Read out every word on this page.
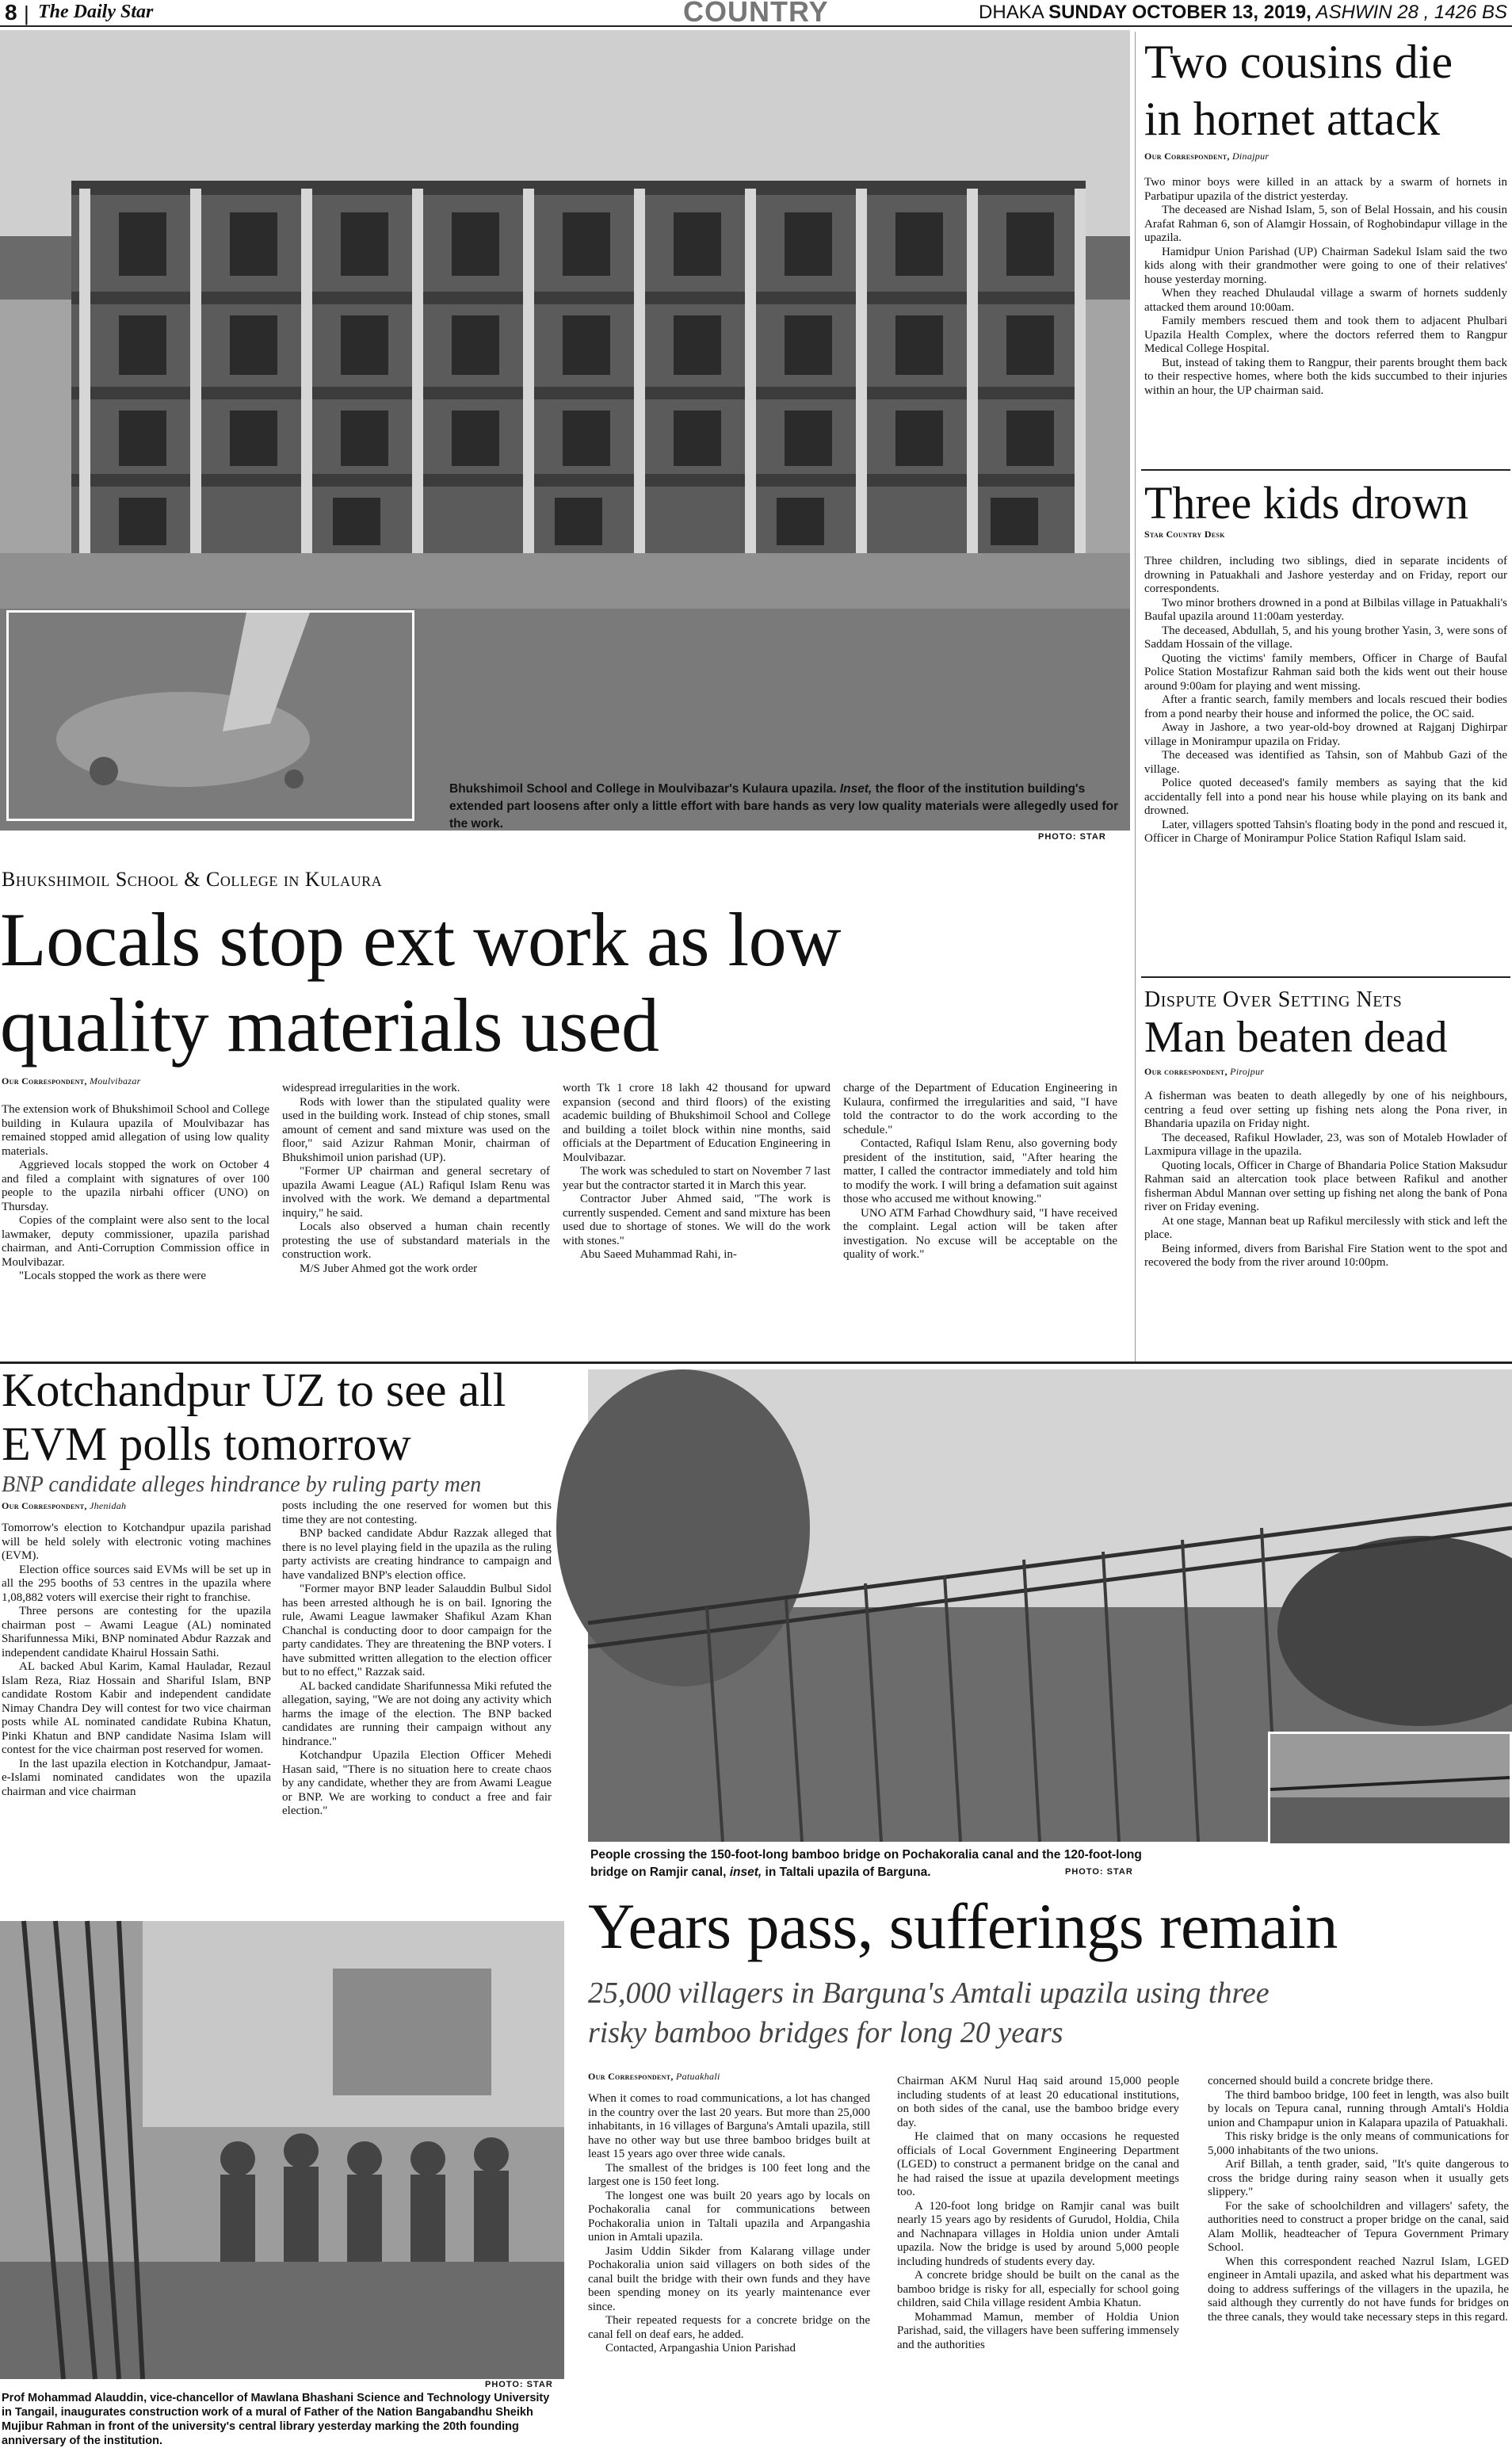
8 | The Daily Star	COUNTRY	DHAKA SUNDAY OCTOBER 13, 2019, ASHWIN 28 , 1426 BS
Bhukshimoil School and College in Moulvibazar's Kulaura upazila. Inset, the floor of the institution building's extended part loosens after only a little effort with bare hands as very low quality materials were allegedly used for the work.
PHOTO: STAR
Bhukshimoil School & College in Kulaura
Locals stop ext work as low
quality materials used
Our Correspondent, Moulvibazar

The extension work of Bhukshimoil School and College building in Kulaura upazila of Moulvibazar has remained stopped amid allegation of using low quality materials.

Aggrieved locals stopped the work on October 4 and filed a complaint with signatures of over 100 people to the upazila nirbahi officer (UNO) on Thursday.

Copies of the complaint were also sent to the local lawmaker, deputy commissioner, upazila parishad chairman, and Anti-Corruption Commission office in Moulvibazar.

"Locals stopped the work as there were

widespread irregularities in the work.

Rods with lower than the stipulated quality were used in the building work. Instead of chip stones, small amount of cement and sand mixture was used on the floor," said Azizur Rahman Monir, chairman of Bhukshimoil union parishad (UP).

"Former UP chairman and general secretary of upazila Awami League (AL) Rafiqul Islam Renu was involved with the work. We demand a departmental inquiry," he said.

Locals also observed a human chain recently protesting the use of substandard materials in the construction work.

M/S Juber Ahmed got the work order

worth Tk 1 crore 18 lakh 42 thousand for upward expansion (second and third floors) of the existing academic building of Bhukshimoil School and College and building a toilet block within nine months, said officials at the Department of Education Engineering in Moulvibazar.

The work was scheduled to start on November 7 last year but the contractor started it in March this year.

Contractor Juber Ahmed said, "The work is currently suspended. Cement and sand mixture has been used due to shortage of stones. We will do the work with stones."

Abu Saeed Muhammad Rahi, in-

charge of the Department of Education Engineering in Kulaura, confirmed the irregularities and said, "I have told the contractor to do the work according to the schedule."

Contacted, Rafiqul Islam Renu, also governing body president of the institution, said, "After hearing the matter, I called the contractor immediately and told him to modify the work. I will bring a defamation suit against those who accused me without knowing."

UNO ATM Farhad Chowdhury said, "I have received the complaint. Legal action will be taken after investigation. No excuse will be acceptable on the quality of work."

Two cousins die
in hornet attack
Our Correspondent, Dinajpur

Two minor boys were killed in an attack by a swarm of hornets in Parbatipur upazila of the district yesterday.

The deceased are Nishad Islam, 5, son of Belal Hossain, and his cousin Arafat Rahman 6, son of Alamgir Hossain, of Roghobindapur village in the upazila.

Hamidpur Union Parishad (UP) Chairman Sadekul Islam said the two kids along with their grandmother were going to one of their relatives' house yesterday morning.

When they reached Dhulaudal village a swarm of hornets suddenly attacked them around 10:00am.

Family members rescued them and took them to adjacent Phulbari Upazila Health Complex, where the doctors referred them to Rangpur Medical College Hospital.

But, instead of taking them to Rangpur, their parents brought them back to their respective homes, where both the kids succumbed to their injuries within an hour, the UP chairman said.

Three kids drown
Star Country Desk

Three children, including two siblings, died in separate incidents of drowning in Patuakhali and Jashore yesterday and on Friday, report our correspondents.

Two minor brothers drowned in a pond at Bilbilas village in Patuakhali's Baufal upazila around 11:00am yesterday.

The deceased, Abdullah, 5, and his young brother Yasin, 3, were sons of Saddam Hossain of the village.

Quoting the victims' family members, Officer in Charge of Baufal Police Station Mostafizur Rahman said both the kids went out their house around 9:00am for playing and went missing.

After a frantic search, family members and locals rescued their bodies from a pond nearby their house and informed the police, the OC said.

Away in Jashore, a two year-old-boy drowned at Rajganj Dighirpar village in Monirampur upazila on Friday.

The deceased was identified as Tahsin, son of Mahbub Gazi of the village.

Police quoted deceased's family members as saying that the kid accidentally fell into a pond near his house while playing on its bank and drowned.

Later, villagers spotted Tahsin's floating body in the pond and rescued it, Officer in Charge of Monirampur Police Station Rafiqul Islam said.

Dispute Over Setting Nets
Man beaten dead
Our correspondent, Pirojpur

A fisherman was beaten to death allegedly by one of his neighbours, centring a feud over setting up fishing nets along the Pona river, in Bhandaria upazila on Friday night.

The deceased, Rafikul Howlader, 23, was son of Motaleb Howlader of Laxmipura village in the upazila.

Quoting locals, Officer in Charge of Bhandaria Police Station Maksudur Rahman said an altercation took place between Rafikul and another fisherman Abdul Mannan over setting up fishing net along the bank of Pona river on Friday evening.

At one stage, Mannan beat up Rafikul mercilessly with stick and left the place.

Being informed, divers from Barishal Fire Station went to the spot and recovered the body from the river around 10:00pm.

Kotchandpur UZ to see all
EVM polls tomorrow
BNP candidate alleges hindrance by ruling party men
Our Correspondent, Jhenidah

Tomorrow's election to Kotchandpur upazila parishad will be held solely with electronic voting machines (EVM).

Election office sources said EVMs will be set up in all the 295 booths of 53 centres in the upazila where 1,08,882 voters will exercise their right to franchise.

Three persons are contesting for the upazila chairman post – Awami League (AL) nominated Sharifunnessa Miki, BNP nominated Abdur Razzak and independent candidate Khairul Hossain Sathi.

AL backed Abul Karim, Kamal Hauladar, Rezaul Islam Reza, Riaz Hossain and Shariful Islam, BNP candidate Rostom Kabir and independent candidate Nimay Chandra Dey will contest for two vice chairman posts while AL nominated candidate Rubina Khatun, Pinki Khatun and BNP candidate Nasima Islam will contest for the vice chairman post reserved for women.

In the last upazila election in Kotchandpur, Jamaat-e-Islami nominated candidates won the upazila chairman and vice chairman

posts including the one reserved for women but this time they are not contesting.

BNP backed candidate Abdur Razzak alleged that there is no level playing field in the upazila as the ruling party activists are creating hindrance to campaign and have vandalized BNP's election office.

"Former mayor BNP leader Salauddin Bulbul Sidol has been arrested although he is on bail. Ignoring the rule, Awami League lawmaker Shafikul Azam Khan Chanchal is conducting door to door campaign for the party candidates. They are threatening the BNP voters. I have submitted written allegation to the election officer but to no effect," Razzak said.

AL backed candidate Sharifunnessa Miki refuted the allegation, saying, "We are not doing any activity which harms the image of the election. The BNP backed candidates are running their campaign without any hindrance."

Kotchandpur Upazila Election Officer Mehedi Hasan said, "There is no situation here to create chaos by any candidate, whether they are from Awami League or BNP. We are working to conduct a free and fair election."

PHOTO: STAR
Prof Mohammad Alauddin, vice-chancellor of Mawlana Bhashani Science and Technology University in Tangail, inaugurates construction work of a mural of Father of the Nation Bangabandhu Sheikh Mujibur Rahman in front of the university's central library yesterday marking the 20th founding anniversary of the institution.
People crossing the 150-foot-long bamboo bridge on Pochakoralia canal and the 120-foot-long bridge on Ramjir canal, inset, in Taltali upazila of Barguna.	PHOTO: STAR
Years pass, sufferings remain
25,000 villagers in Barguna's Amtali upazila using three
risky bamboo bridges for long 20 years
Our Correspondent, Patuakhali

When it comes to road communications, a lot has changed in the country over the last 20 years. But more than 25,000 inhabitants, in 16 villages of Barguna's Amtali upazila, still have no other way but use three bamboo bridges built at least 15 years ago over three wide canals.

The smallest of the bridges is 100 feet long and the largest one is 150 feet long.

The longest one was built 20 years ago by locals on Pochakoralia canal for communications between Pochakoralia union in Taltali upazila and Arpangashia union in Amtali upazila.

Jasim Uddin Sikder from Kalarang village under Pochakoralia union said villagers on both sides of the canal built the bridge with their own funds and they have been spending money on its yearly maintenance ever since.

Their repeated requests for a concrete bridge on the canal fell on deaf ears, he added.

Contacted, Arpangashia Union Parishad

Chairman AKM Nurul Haq said around 15,000 people including students of at least 20 educational institutions, on both sides of the canal, use the bamboo bridge every day.

He claimed that on many occasions he requested officials of Local Government Engineering Department (LGED) to construct a permanent bridge on the canal and he had raised the issue at upazila development meetings too.

A 120-foot long bridge on Ramjir canal was built nearly 15 years ago by residents of Gurudol, Holdia, Chila and Nachnapara villages in Holdia union under Amtali upazila. Now the bridge is used by around 5,000 people including hundreds of students every day.

A concrete bridge should be built on the canal as the bamboo bridge is risky for all, especially for school going children, said Chila village resident Ambia Khatun.

Mohammad Mamun, member of Holdia Union Parishad, said, the villagers have been suffering immensely and the authorities

concerned should build a concrete bridge there.

The third bamboo bridge, 100 feet in length, was also built by locals on Tepura canal, running through Amtali's Holdia union and Champapur union in Kalapara upazila of Patuakhali.

This risky bridge is the only means of communications for 5,000 inhabitants of the two unions.

Arif Billah, a tenth grader, said, "It's quite dangerous to cross the bridge during rainy season when it usually gets slippery."

For the sake of schoolchildren and villagers' safety, the authorities need to construct a proper bridge on the canal, said Alam Mollik, headteacher of Tepura Government Primary School.

When this correspondent reached Nazrul Islam, LGED engineer in Amtali upazila, and asked what his department was doing to address sufferings of the villagers in the upazila, he said although they currently do not have funds for bridges on the three canals, they would take necessary steps in this regard.
